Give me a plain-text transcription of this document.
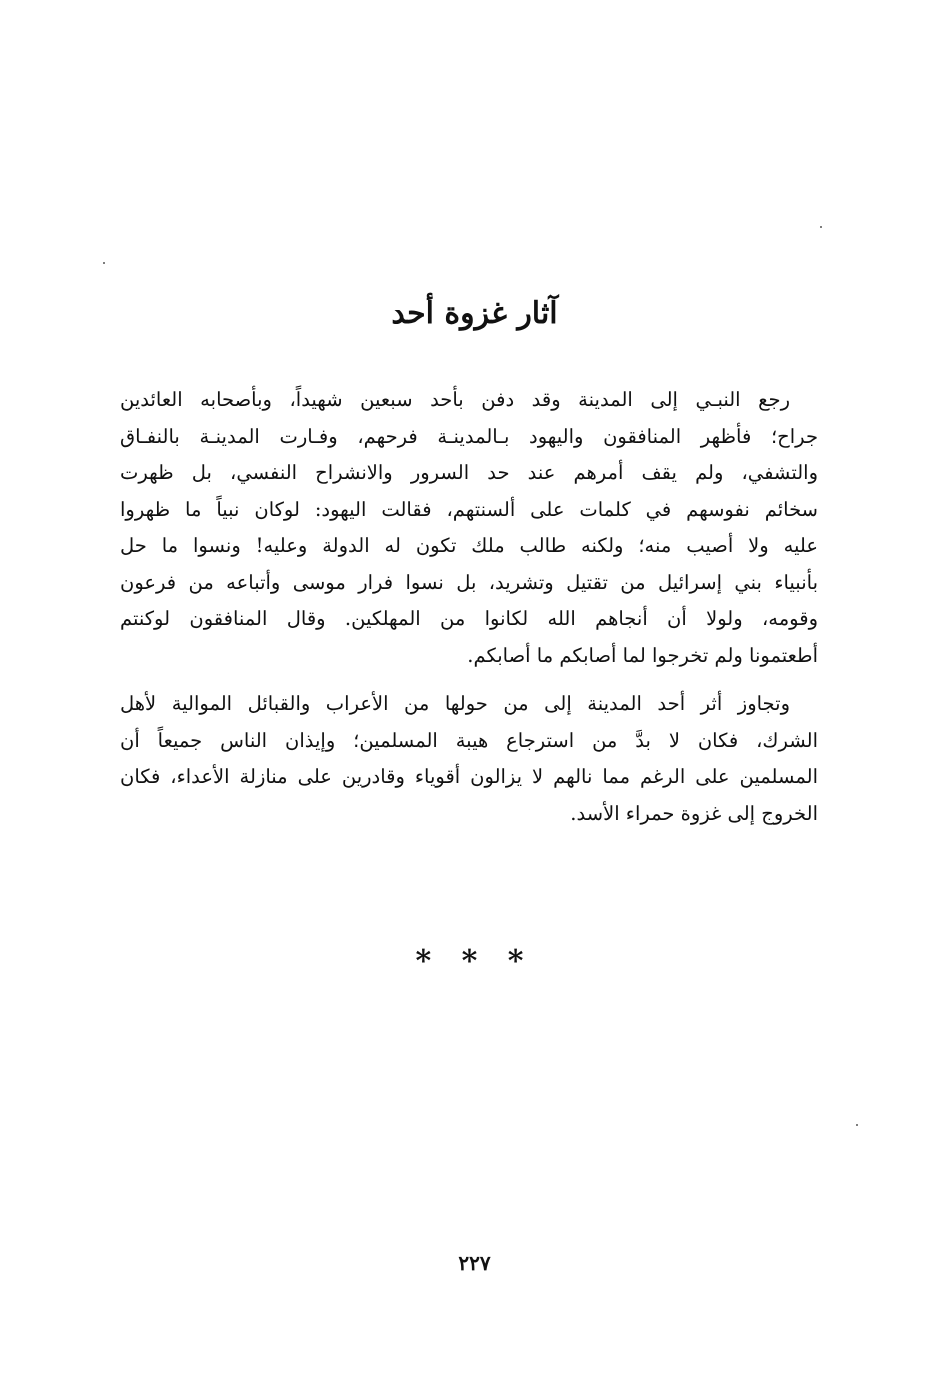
آثار غزوة أحد

رجع النبـي إلى المدينة وقد دفن بأحد سبعين شهيداً، وبأصحابه العائدين
جراح؛ فأظهر المنافقون واليهود بـالمدينـة فرحهم، وفـارت المدينـة بالنفـاق
والتشفي، ولم يقف أمرهم عند حد السرور والانشراح النفسي، بل ظهرت
سخائم نفوسهم في كلمات على ألسنتهم، فقالت اليهود: لوكان نبياً ما ظهروا
عليه ولا أصيب منه؛ ولكنه طالب ملك تكون له الدولة وعليه! ونسوا ما حل
بأنبياء بني إسرائيل من تقتيل وتشريد، بل نسوا فرار موسى وأتباعه من فرعون
وقومه، ولولا أن أنجاهم الله لكانوا من المهلكين. وقال المنافقون لوكنتم
أطعتمونا ولم تخرجوا لما أصابكم ما أصابكم.

وتجاوز أثر أحد المدينة إلى من حولها من الأعراب والقبائل الموالية لأهل
الشرك، فكان لا بدَّ من استرجاع هيبة المسلمين؛ وإيذان الناس جميعاً أن
المسلمين على الرغم مما نالهم لا يزالون أقوياء وقادرين على منازلة الأعداء، فكان
الخروج إلى غزوة حمراء الأسد.

* * *
٢٢٧
